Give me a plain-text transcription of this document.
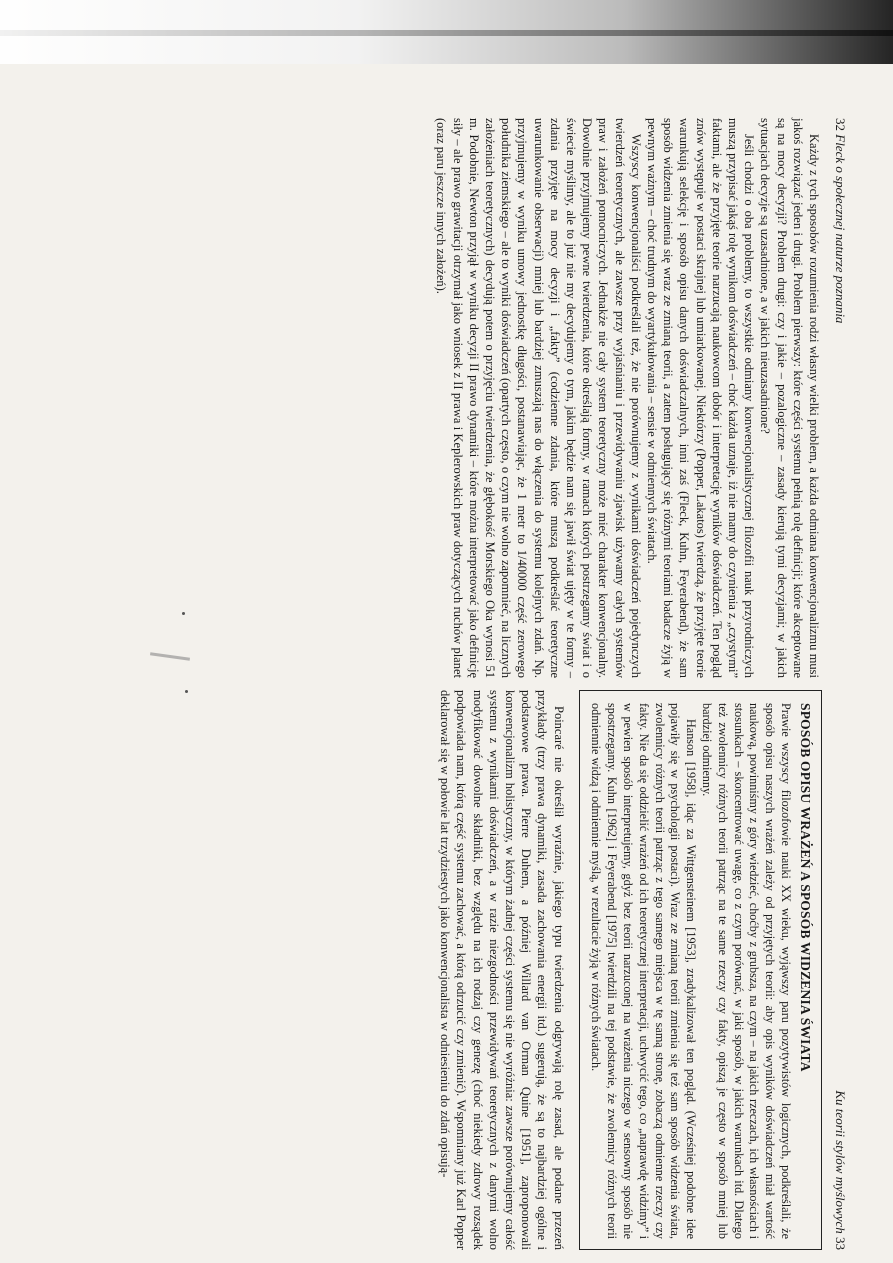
32 Fleck o społecznej naturze poznania

Każdy z tych sposobów rozumienia rodzi własny wielki problem, a każda odmiana konwencjonalizmu musi jakoś rozwiązać jeden i drugi. Problem pierwszy: które części systemu pełnią rolę definicji; które akceptowane są na mocy decyzji? Problem drugi: czy i jakie – pozalogiczne – zasady kierują tymi decyzjami; w jakich sytuacjach decyzje są uzasadnione, a w jakich nieuzasadnione?

Jeśli chodzi o oba problemy, to wszystkie odmiany konwencjonalistycznej filozofii nauk przyrodniczych muszą przypisać jakąś rolę wynikom doświadczeń – choć każda uznaje, iż nie mamy do czynienia z „czystymi” faktami, ale że przyjęte teorie narzucają naukowcom dobór i interpretację wyników doświadczeń. Ten pogląd znów występuje w postaci skrajnej lub umiarkowanej. Niektórzy (Popper, Lakatos) twierdzą, że przyjęte teorie warunkują selekcję i sposób opisu danych doświadczalnych, inni zaś (Fleck, Kuhn, Feyerabend), że sam sposób widzenia zmienia się wraz ze zmianą teorii, a zatem posługujący się różnymi teoriami badacze żyją w pewnym ważnym – choć trudnym do wyartykułowania – sensie w odmiennych światach.

Wszyscy konwencjonaliści podkreślali też, że nie porównujemy z wynikami doświadczeń pojedynczych twierdzeń teoretycznych, ale zawsze przy wyjaśnianiu i przewidywaniu zjawisk używamy całych systemów praw i założeń pomocniczych. Jednakże nie cały system teoretyczny może mieć charakter konwencjonalny. Dowolnie przyjmujemy pewne twierdzenia, które określają formy, w ramach których postrzegamy świat i o świecie myślimy, ale to już nie my decydujemy o tym, jakim będzie nam się jawił świat ujęty w te formy – zdania przyjęte na mocy decyzji i „fakty” (codzienne zdania, które muszą podkreślać teoretyczne uwarunkowanie obserwacji) mniej lub bardziej zmuszają nas do włączenia do systemu kolejnych zdań. Np. przyjmujemy w wyniku umowy jednostkę długości, postanawiając, że 1 metr to 1/40000 część zerowego południka ziemskiego – ale to wyniki doświadczeń (opartych często, o czym nie wolno zapomnieć, na licznych założeniach teoretycznych) decydują potem o przyjęciu twierdzenia, że głębokość Morskiego Oka wynosi 51 m. Podobnie, Newton przyjął w wyniku decyzji II prawo dynamiki – które można interpretować jako definicję siły – ale prawo grawitacji otrzymał jako wniosek z II prawa i Keplerowskich praw dotyczących ruchów planet (oraz paru jeszcze innych założeń).

Ku teorii stylów myślowych 33

SPOSÓB OPISU WRAŻEŃ A SPOSÓB WIDZENIA ŚWIATA

Prawie wszyscy filozofowie nauki XX wieku, wyjąwszy paru pozytywistów logicznych, podkreślali, że sposób opisu naszych wrażeń zależy od przyjętych teorii: aby opis wyników doświadczeń miał wartość naukową, powinniśmy z góry wiedzieć, choćby z grubsza, na czym – na jakich rzeczach, ich własnościach i stosunkach – skoncentrować uwagę, co z czym porównać, w jaki sposób, w jakich warunkach itd. Dlatego też zwolennicy różnych teorii patrząc na te same rzeczy czy fakty, opiszą je często w sposób mniej lub bardziej odmienny.

Hanson [1958], idąc za Wittgensteinem [1953], zradykalizował ten pogląd. (Wcześniej podobne idee pojawiły się w psychologii postaci). Wraz ze zmianą teorii zmienia się też sam sposób widzenia świata, zwolennicy różnych teorii patrząc z tego samego miejsca w tę samą stronę, zobaczą odmienne rzeczy czy fakty. Nie da się oddzielić wrażeń od ich teoretycznej interpretacji, uchwycić tego, co „naprawdę widzimy” i w pewien sposób interpretujemy, gdyż bez teorii narzuconej na wrażenia niczego w sensowny sposób nie spostrzegamy. Kuhn [1962] i Feyerabend [1975] twierdzili na tej podstawie, że zwolennicy różnych teorii odmiennie widzą i odmiennie myślą, w rezultacie żyją w różnych światach.

Poincaré nie określił wyraźnie, jakiego typu twierdzenia odgrywają rolę zasad, ale podane przezeń przykłady (trzy prawa dynamiki, zasada zachowania energii itd.) sugerują, że są to najbardziej ogólne i podstawowe prawa. Pierre Duhem, a później Willard van Orman Quine [1951], zaproponowali konwencjonalizm holistyczny, w którym żadnej części systemu się nie wyróżnia: zawsze porównujemy całość systemu z wynikami doświadczeń, a w razie niezgodności przewidywań teoretycznych z danymi wolno modyfikować dowolne składniki, bez względu na ich rodzaj czy genezę (choć niekiedy zdrowy rozsądek podpowiada nam, którą część systemu zachować, a którą odrzucić czy zmienić). Wspomniany już Karl Popper deklarował się w połowie lat trzydziestych jako konwencjonalista w odniesieniu do zdań opisują-
